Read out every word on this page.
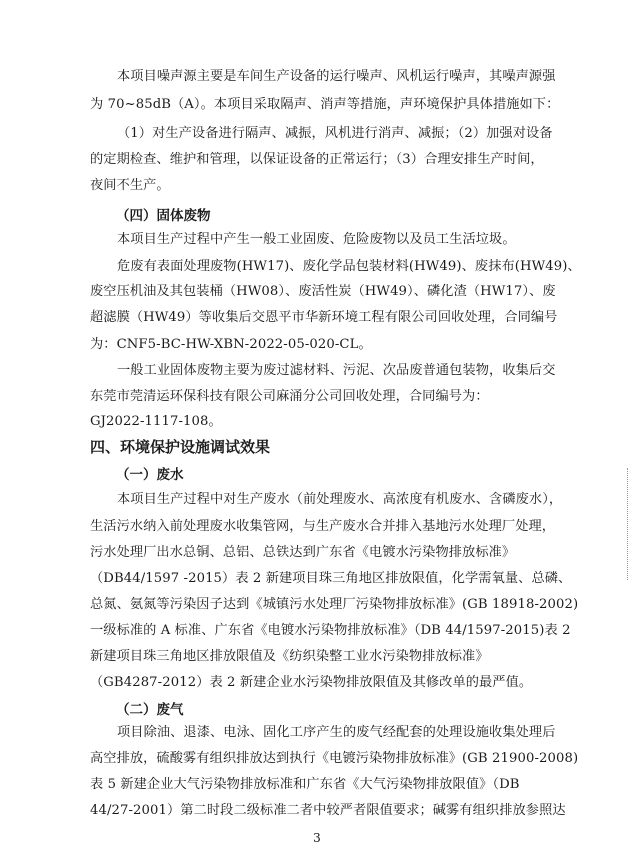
本项目噪声源主要是车间生产设备的运行噪声、风机运行噪声，其噪声源强
为 70~85dB（A）。本项目采取隔声、消声等措施，声环境保护具体措施如下：
（1）对生产设备进行隔声、减振，风机进行消声、减振；（2）加强对设备
的定期检查、维护和管理，以保证设备的正常运行；（3）合理安排生产时间，
夜间不生产。
（四）固体废物
本项目生产过程中产生一般工业固废、危险废物以及员工生活垃圾。
危废有表面处理废物(HW17)、废化学品包装材料(HW49)、废抹布(HW49)、
废空压机油及其包装桶（HW08）、废活性炭（HW49）、磷化渣（HW17）、废
超滤膜（HW49）等收集后交恩平市华新环境工程有限公司回收处理，合同编号
为：CNF5-BC-HW-XBN-2022-05-020-CL。
一般工业固体废物主要为废过滤材料、污泥、次品废普通包装物，收集后交
东莞市莞清运环保科技有限公司麻涌分公司回收处理，合同编号为：
GJ2022-1117-108。
四、环境保护设施调试效果
（一）废水
本项目生产过程中对生产废水（前处理废水、高浓度有机废水、含磷废水），
生活污水纳入前处理废水收集管网，与生产废水合并排入基地污水处理厂处理，
污水处理厂出水总铜、总铝、总铁达到广东省《电镀水污染物排放标准》
（DB44/1597 -2015）表 2 新建项目珠三角地区排放限值，化学需氧量、总磷、
总氮、氨氮等污染因子达到《城镇污水处理厂污染物排放标准》(GB 18918-2002)
一级标准的 A 标准、广东省《电镀水污染物排放标准》（DB 44/1597-2015)表 2
新建项目珠三角地区排放限值及《纺织染整工业水污染物排放标准》
（GB4287-2012）表 2 新建企业水污染物排放限值及其修改单的最严值。
（二）废气
项目除油、退漆、电泳、固化工序产生的废气经配套的处理设施收集处理后
高空排放，硫酸雾有组织排放达到执行《电镀污染物排放标准》(GB 21900-2008)
表 5 新建企业大气污染物排放标准和广东省《大气污染物排放限值》（DB
44/27-2001）第二时段二级标准二者中较严者限值要求；碱雾有组织排放参照达
3
